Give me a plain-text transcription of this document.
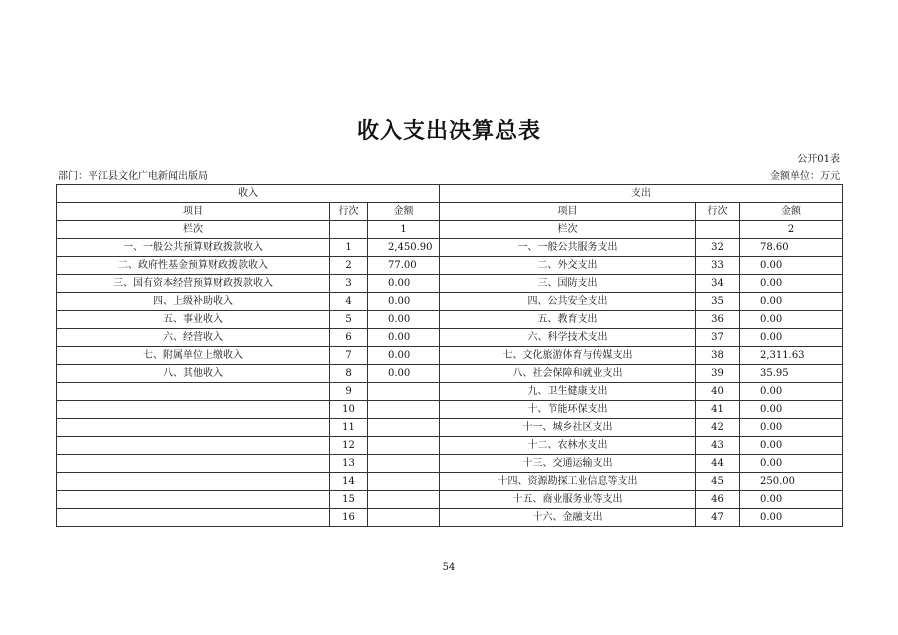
收入支出决算总表
公开01表
部门：平江县文化广电新闻出版局	金额单位：万元
收入			支出		
项目	行次	金额	项目	行次	金额
栏次		1	栏次		2
一、一般公共预算财政拨款收入	1	2,450.90	一、一般公共服务支出	32	78.60
二、政府性基金预算财政拨款收入	2	77.00	二、外交支出	33	0.00
三、国有资本经营预算财政拨款收入	3	0.00	三、国防支出	34	0.00
四、上级补助收入	4	0.00	四、公共安全支出	35	0.00
五、事业收入	5	0.00	五、教育支出	36	0.00
六、经营收入	6	0.00	六、科学技术支出	37	0.00
七、附属单位上缴收入	7	0.00	七、文化旅游体育与传媒支出	38	2,311.63
八、其他收入	8	0.00	八、社会保障和就业支出	39	35.95
	9		九、卫生健康支出	40	0.00
	10		十、节能环保支出	41	0.00
	11		十一、城乡社区支出	42	0.00
	12		十二、农林水支出	43	0.00
	13		十三、交通运输支出	44	0.00
	14		十四、资源勘探工业信息等支出	45	250.00
	15		十五、商业服务业等支出	46	0.00
	16		十六、金融支出	47	0.00
54
